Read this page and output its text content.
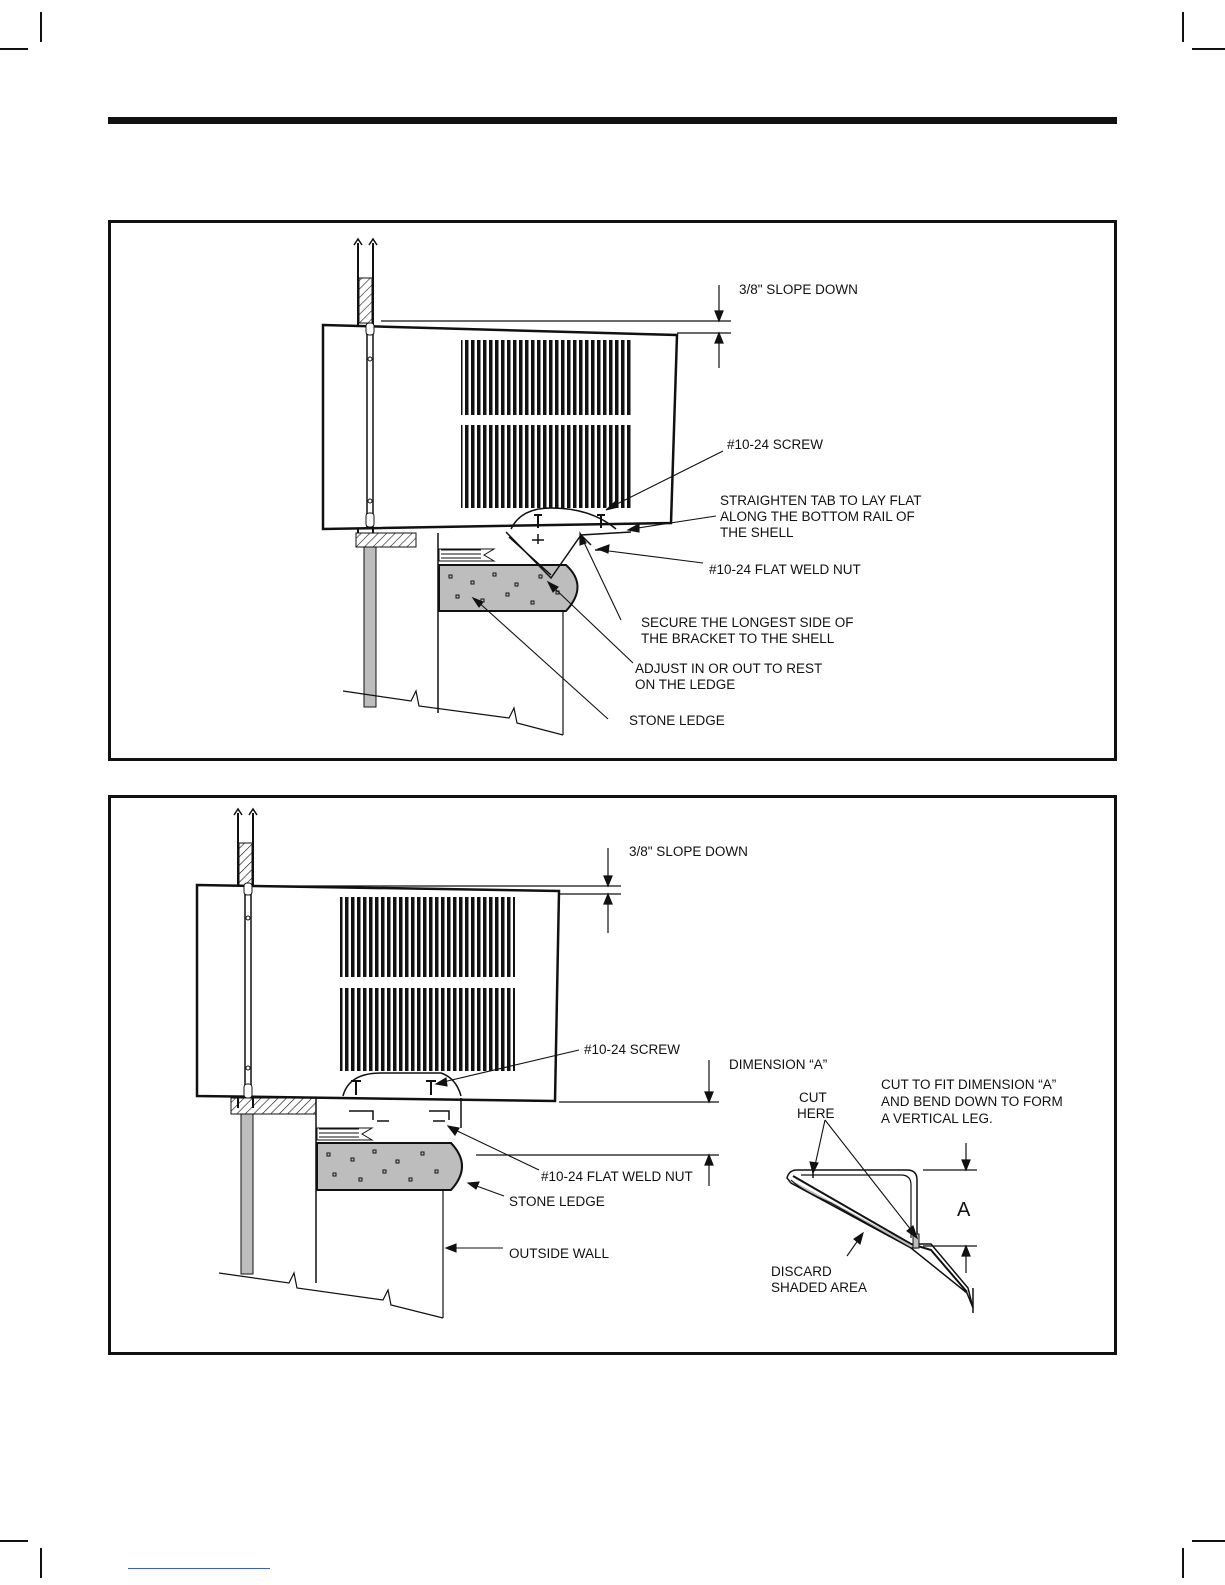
3/8" SLOPE DOWN
#10-24 SCREW
STRAIGHTEN TAB TO LAY FLAT
ALONG THE BOTTOM RAIL OF
THE SHELL
#10-24 FLAT WELD NUT
SECURE THE LONGEST SIDE OF
THE BRACKET TO THE SHELL
ADJUST IN OR OUT TO REST
ON THE LEDGE
STONE LEDGE
3/8" SLOPE DOWN
#10-24 SCREW
DIMENSION “A”
CUT TO FIT DIMENSION “A”
AND BEND DOWN TO FORM
A VERTICAL LEG.
CUT
HERE
A
#10-24 FLAT WELD NUT
STONE LEDGE
OUTSIDE WALL
DISCARD
SHADED AREA
